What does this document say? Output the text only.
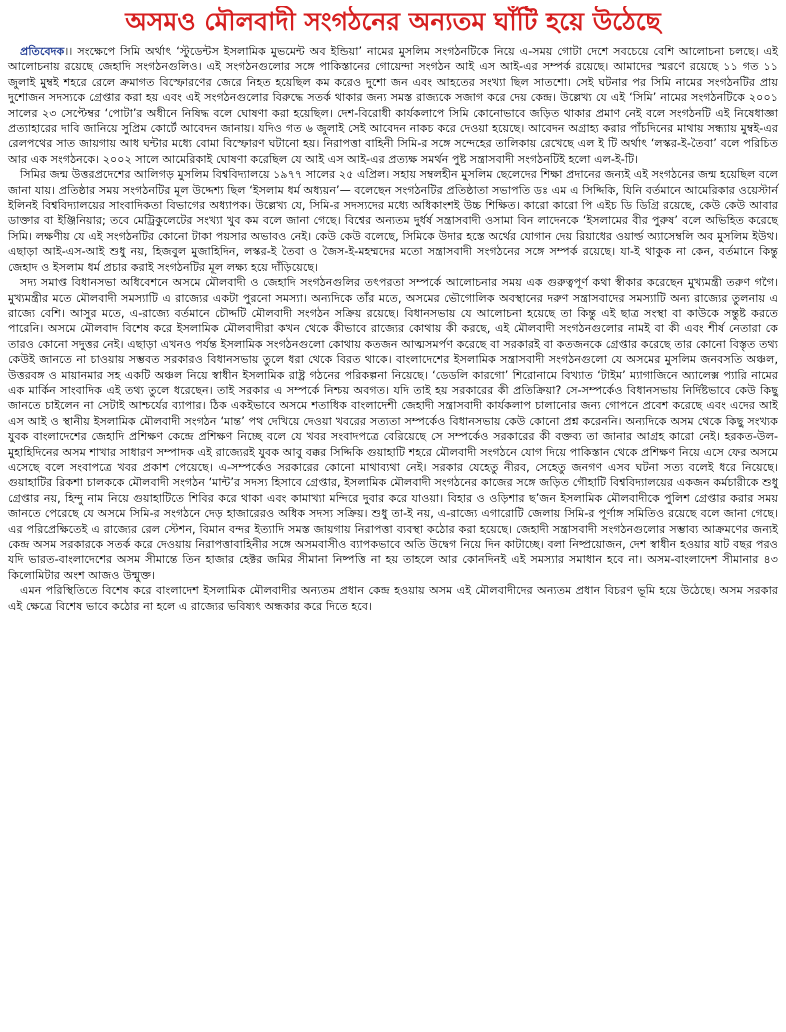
অসমও মৌলবাদী সংগঠনের অন্যতম ঘাঁটি হয়ে উঠেছে

প্রতিবেদক।। সংক্ষেপে সিমি অর্থাৎ ‘স্টুডেন্টস ইসলামিক মুভমেন্ট অব ইন্ডিয়া’ নামের মুসলিম সংগঠনটিকে নিয়ে এ-সময় গোটা দেশে সবচেয়ে বেশি আলোচনা চলছে। এই আলোচনায় রয়েছে জেহাদি সংগঠনগুলিও। এই সংগঠনগুলোর সঙ্গে পাকিস্তানের গোয়েন্দা সংগঠন আই এস আই-এর সম্পর্ক রয়েছে। আমাদের স্মরণে রয়েছে ১১ গত ১১ জুলাই মুম্বই শহরে রেলে ক্রমাগত বিস্ফোরণের জেরে নিহত হয়েছিল কম করেও দুশো জন এবং আহতের সংখ্যা ছিল সাতশো। সেই ঘটনার পর সিমি নামের সংগঠনটির প্রায় দুশোজন সদস্যকে গ্রেপ্তার করা হয় এবং এই সংগঠনগুলোর বিরুদ্ধে সতর্ক থাকার জন্য সমস্ত রাজ্যকে সজাগ করে দেয় কেন্দ্র। উল্লেখ্য যে এই ‘সিমি’ নামের সংগঠনটিকে ২০০১ সালের ২৩ সেপ্টেম্বর ‘পোটা’র অধীনে নিষিদ্ধ বলে ঘোষণা করা হয়েছিল। দেশ-বিরোধী কার্যকলাপে সিমি কোনোভাবে জড়িত থাকার প্রমাণ নেই বলে সংগঠনটি এই নিষেধাজ্ঞা প্রত্যাহারের দাবি জানিয়ে সুপ্রিম কোর্টে আবেদন জানায়। যদিও গত ৬ জুলাই সেই আবেদন নাকচ করে দেওয়া হয়েছে। আবেদন অগ্রাহ্য করার পাঁচদিনের মাথায় সন্ধ্যায় মুম্বই-এর রেলপথের সাত জায়গায় আধ ঘন্টার মধ্যে বোমা বিস্ফোরণ ঘটানো হয়। নিরাপত্তা বাহিনী সিমি-র সঙ্গে সন্দেহের তালিকায় রেখেছে এল ই টি অর্থাৎ ‘লস্কর-ই-তৈবা’ বলে পরিচিত আর এক সংগঠনকে। ২০০২ সালে আমেরিকাই ঘোষণা করেছিল যে আই এস আই-এর প্রত্যক্ষ সমর্থন পুষ্ট সন্ত্রাসবাদী সংগঠনটিই হলো এল-ই-টি।

সিমির জন্ম উত্তরপ্রদেশের আলিগড় মুসলিম বিশ্ববিদ্যালয়ে ১৯৭৭ সালের ২৫ এপ্রিল। সহায় সম্বলহীন মুসলিম ছেলেদের শিক্ষা প্রদানের জন্যই এই সংগঠনের জন্ম হয়েছিল বলে জানা যায়। প্রতিষ্ঠার সময় সংগঠনটির মূল উদ্দেশ্য ছিল ‘ইসলাম ধর্ম অধ্যয়ন’— বলেছেন সংগঠনটির প্রতিষ্ঠাতা সভাপতি ডঃ এম এ সিদ্দিকি, যিনি বর্তমানে আমেরিকার ওয়েস্টার্ন ইলিনই বিশ্ববিদ্যালয়ের সাংবাদিকতা বিভাগের অধ্যাপক। উল্লেখ্য যে, সিমি-র সদস্যদের মধ্যে অধিকাংশই উচ্চ শিক্ষিত। কারো কারো পি এইচ ডি ডিগ্রি রয়েছে, কেউ কেউ আবার ডাক্তার বা ইঞ্জিনিয়ার; তবে মেট্রিকুলেটের সংখ্যা খুব কম বলে জানা গেছে। বিশ্বের অন্যতম দুর্ধর্ষ সন্ত্রাসবাদী ওসামা বিন লাদেনকে ‘ইসলামের বীর পুরুষ’ বলে অভিহিত করেছে সিমি। লক্ষণীয় যে এই সংগঠনটির কোনো টাকা পয়সার অভাবও নেই। কেউ কেউ বলেছে, সিমিকে উদার হস্তে অর্থের যোগান দেয় রিয়াধের ওয়ার্ল্ড অ্যাসেম্বলি অব মুসলিম ইউথ। এছাড়া আই-এস-আই শুধু নয়, হিজবুল মুজাহিদিন, লস্কর-ই তৈবা ও জৈস-ই-মহম্মদের মতো সন্ত্রাসবাদী সংগঠনের সঙ্গে সম্পর্ক রয়েছে। যা-ই থাকুক না কেন, বর্তমানে কিন্তু জেহাদ ও ইসলাম ধর্ম প্রচার করাই সংগঠনটির মূল লক্ষ্য হয়ে দাঁড়িয়েছে।

সদ্য সমাপ্ত বিধানসভা অধিবেশনে অসমে মৌলবাদী ও জেহাদি সংগঠনগুলির তৎপরতা সম্পর্কে আলোচনার সময় এক গুরুত্বপূর্ণ কথা স্বীকার করেছেন মুখ্যমন্ত্রী তরুণ গগৈ। মুখ্যমন্ত্রীর মতে মৌলবাদী সমস্যাটি এ রাজ্যের একটা পুরনো সমস্যা। অন্যদিকে তাঁর মতে, অসমের ভৌগোলিক অবস্থানের দরুণ সন্ত্রাসবাদের সমস্যাটি অন্য রাজ্যের তুলনায় এ রাজ্যে বেশি। আসুর মতে, এ-রাজ্যে বর্তমানে চৌদ্দটি মৌলবাদী সংগঠন সক্রিয় রয়েছে। বিধানসভায় যে আলোচনা হয়েছে তা কিন্তু এই ছাত্র সংস্থা বা কাউকে সন্তুষ্ট করতে পারেনি। অসমে মৌলবাদ বিশেষ করে ইসলামিক মৌলবাদীরা কখন থেকে কীভাবে রাজ্যের কোথায় কী করছে, এই মৌলবাদী সংগঠনগুলোর নামই বা কী এবং শীর্ষ নেতারা কে তারও কোনো সদুত্তর নেই। এছাড়া এখনও পর্যন্ত ইসলামিক সংগঠনগুলো কোথায় কতজন আত্মসমর্পণ করেছে বা সরকারই বা কতজনকে গ্রেপ্তার করেছে তার কোনো বিস্তৃত তথ্য কেউই জানতে না চাওয়ায় সম্ভবত সরকারও বিধানসভায় তুলে ধরা থেকে বিরত থাকে। বাংলাদেশের ইসলামিক সন্ত্রাসবাদী সংগঠনগুলো যে অসমের মুসলিম জনবসতি অঞ্চল, উত্তরবঙ্গ ও মায়ানমার সহ একটি অঞ্চল নিয়ে স্বাধীন ইসলামিক রাষ্ট্র গঠনের পরিকল্পনা নিয়েছে। ‘ডেডলি কারগো’ শিরোনামে বিখ্যাত ‘টাইম’ ম্যাগাজিনে অ্যালেক্স প্যারি নামের এক মার্কিন সাংবাদিক এই তথ্য তুলে ধরেছেন। তাই সরকার এ সম্পর্কে নিশ্চয় অবগত। যদি তাই হয় সরকারের কী প্রতিক্রিয়া? সে-সম্পর্কেও বিধানসভায় নির্দিষ্টভাবে কেউ কিছু জানতে চাইলেন না সেটাই আশ্চর্যের ব্যাপার। ঠিক একইভাবে অসমে শতাধিক বাংলাদেশী জেহাদী সন্ত্রাসবাদী কার্যকলাপ চালানোর জন্য গোপনে প্রবেশ করেছে এবং এদের আই এস আই ও স্থানীয় ইসলামিক মৌলবাদী সংগঠন ‘মান্ত’ পথ দেখিয়ে দেওয়া খবরের সত্যতা সম্পর্কেও বিধানসভায় কেউ কোনো প্রশ্ন করেননি। অন্যদিকে অসম থেকে কিছু সংখ্যক যুবক বাংলাদেশের জেহাদি প্রশিক্ষণ কেন্দ্রে প্রশিক্ষণ নিচ্ছে বলে যে খবর সংবাদপত্রে বেরিয়েছে সে সম্পর্কেও সরকারের কী বক্তব্য তা জানার আগ্রহ কারো নেই। হরকত-উল-মুহাহিদিনের অসম শাখার সাধারণ সম্পাদক এই রাজ্যেরই যুবক আবু বক্কর সিদ্দিকি গুয়াহাটি শহরে মৌলবাদী সংগঠনে যোগ দিয়ে পাকিস্তান থেকে প্রশিক্ষণ নিয়ে এসে ফের অসমে এসেছে বলে সংবাপত্রে খবর প্রকাশ পেয়েছে। এ-সম্পর্কেও সরকারের কোনো মাথাব্যথা নেই। সরকার যেহেতু নীরব, সেহেতু জনগণ এসব ঘটনা সত্য বলেই ধরে নিয়েছে। গুয়াহাটির রিকশা চালককে মৌলবাদী সংগঠন ‘মান্ট’র সদস্য হিসাবে গ্রেপ্তার, ইসলামিক মৌলবাদী সংগঠনের কাজের সঙ্গে জড়িত গৌহাটি বিশ্ববিদ্যালয়ের একজন কর্মচারীকে শুধু গ্রেপ্তার নয়, হিন্দু নাম নিয়ে গুয়াহাটিতে শিবির করে থাকা এবং কামাখ্যা মন্দিরে দুবার করে যাওয়া। বিহার ও ওড়িশার ছ’জন ইসলামিক মৌলবাদীকে পুলিশ গ্রেপ্তার করার সময় জানতে পেরেছে যে অসমে সিমি-র সংগঠনে দেড় হাজারেরও অধিক সদস্য সক্রিয়। শুধু তা-ই নয়, এ-রাজ্যে এগারোটি জেলায় সিমি-র পূর্ণাঙ্গ সমিতিও রয়েছে বলে জানা গেছে। এর পরিপ্রেক্ষিতেই এ রাজ্যের রেল স্টেশন, বিমান বন্দর ইত্যাদি সমস্ত জায়গায় নিরাপত্তা ব্যবস্থা কঠোর করা হয়েছে। জেহাদী সন্ত্রাসবাদী সংগঠনগুলোর সম্ভাব্য আক্রমণের জন্যই কেন্দ্র অসম সরকারকে সতর্ক করে দেওয়ায় নিরাপত্তাবাহিনীর সঙ্গে অসমবাসীও ব্যাপকভাবে অতি উদ্বেগ নিয়ে দিন কাটাচ্ছে। বলা নিষ্প্রয়োজন, দেশ স্বাধীন হওয়ার ষাট বছর পরও যদি ভারত-বাংলাদেশের অসম সীমান্তে তিন হাজার হেক্টর জমির সীমানা নিষ্পত্তি না হয় তাহলে আর কোনদিনই এই সমস্যার সমাধান হবে না। অসম-বাংলাদেশ সীমানার ৪৩ কিলোমিটার অংশ আজও উন্মুক্ত।

এমন পরিস্থিতিতে বিশেষ করে বাংলাদেশ ইসলামিক মৌলবাদীর অন্যতম প্রধান কেন্দ্র হওয়ায় অসম এই মৌলবাদীদের অন্যতম প্রধান বিচরণ ভূমি হয়ে উঠেছে। অসম সরকার এই ক্ষেত্রে বিশেষ ভাবে কঠোর না হলে এ রাজ্যের ভবিষ্যৎ অন্ধকার করে দিতে হবে।
